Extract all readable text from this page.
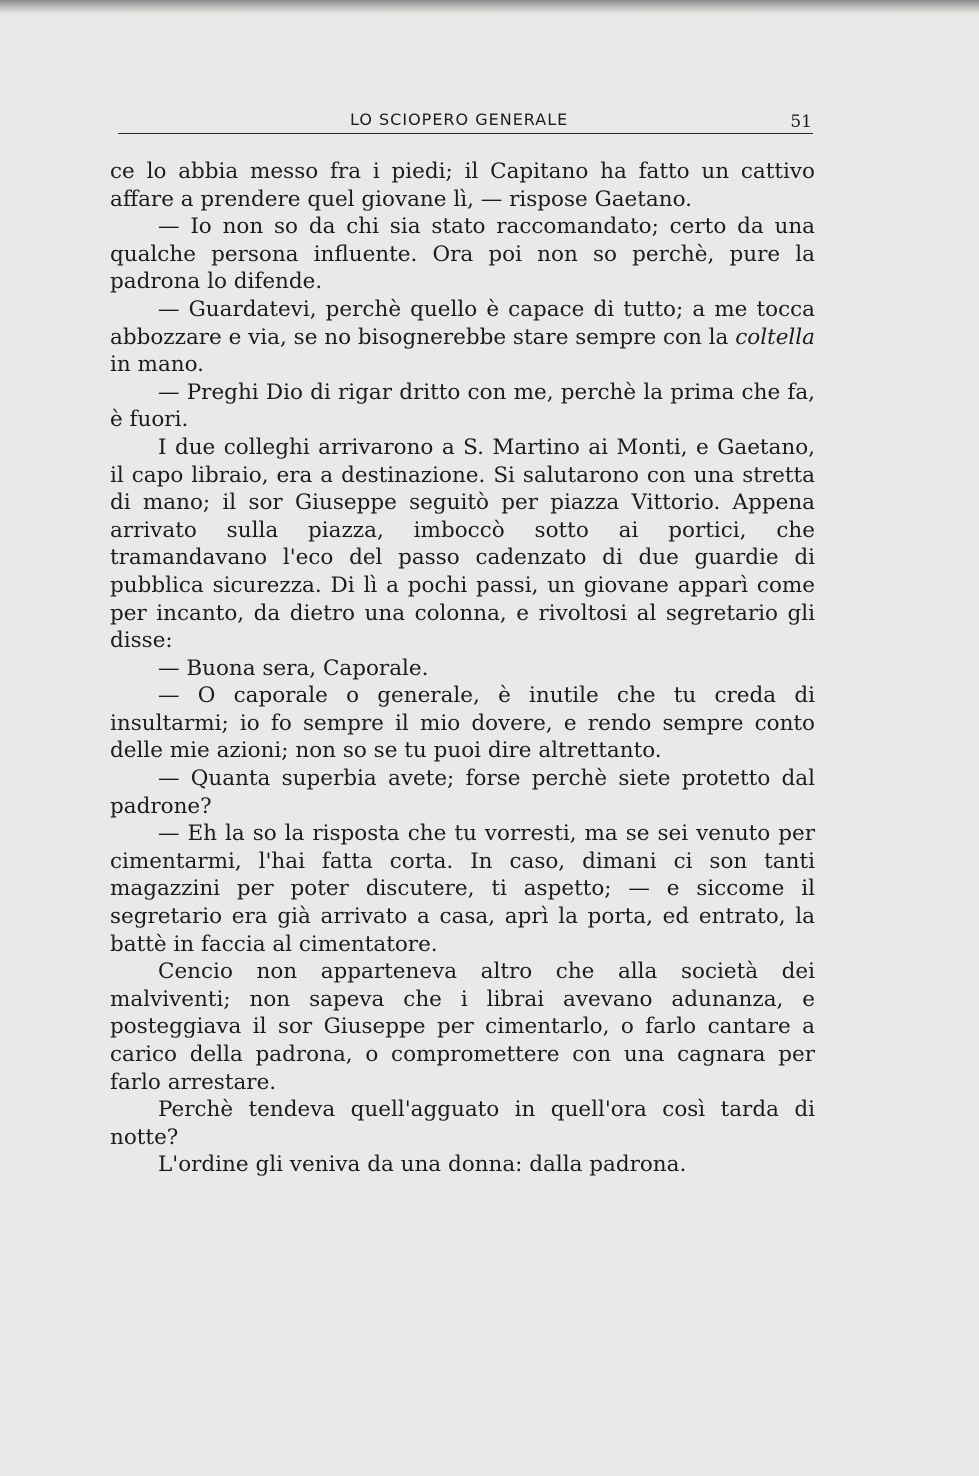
LO SCIOPERO GENERALE	51

ce lo abbia messo fra i piedi; il Capitano ha fatto un cattivo affare a prendere quel giovane lì, — rispose Gaetano.

— Io non so da chi sia stato raccomandato; certo da una qualche persona influente. Ora poi non so perchè, pure la padrona lo difende.

— Guardatevi, perchè quello è capace di tutto; a me tocca abbozzare e via, se no bisognerebbe stare sempre con la coltella in mano.

— Preghi Dio di rigar dritto con me, perchè la prima che fa, è fuori.

I due colleghi arrivarono a S. Martino ai Monti, e Gaetano, il capo libraio, era a destinazione. Si salutarono con una stretta di mano; il sor Giuseppe seguitò per piazza Vittorio. Appena arrivato sulla piazza, imboccò sotto ai portici, che tramandavano l'eco del passo cadenzato di due guardie di pubblica sicurezza. Di lì a pochi passi, un giovane apparì come per incanto, da dietro una colonna, e rivoltosi al segretario gli disse:

— Buona sera, Caporale.

— O caporale o generale, è inutile che tu creda di insultarmi; io fo sempre il mio dovere, e rendo sempre conto delle mie azioni; non so se tu puoi dire altrettanto.

— Quanta superbia avete; forse perchè siete protetto dal padrone?

— Eh la so la risposta che tu vorresti, ma se sei venuto per cimentarmi, l'hai fatta corta. In caso, dimani ci son tanti magazzini per poter discutere, ti aspetto; — e siccome il segretario era già arrivato a casa, aprì la porta, ed entrato, la battè in faccia al cimentatore.

Cencio non apparteneva altro che alla società dei malviventi; non sapeva che i librai avevano adunanza, e posteggiava il sor Giuseppe per cimentarlo, o farlo cantare a carico della padrona, o compromettere con una cagnara per farlo arrestare.

Perchè tendeva quell'agguato in quell'ora così tarda di notte?

L'ordine gli veniva da una donna: dalla padrona.
